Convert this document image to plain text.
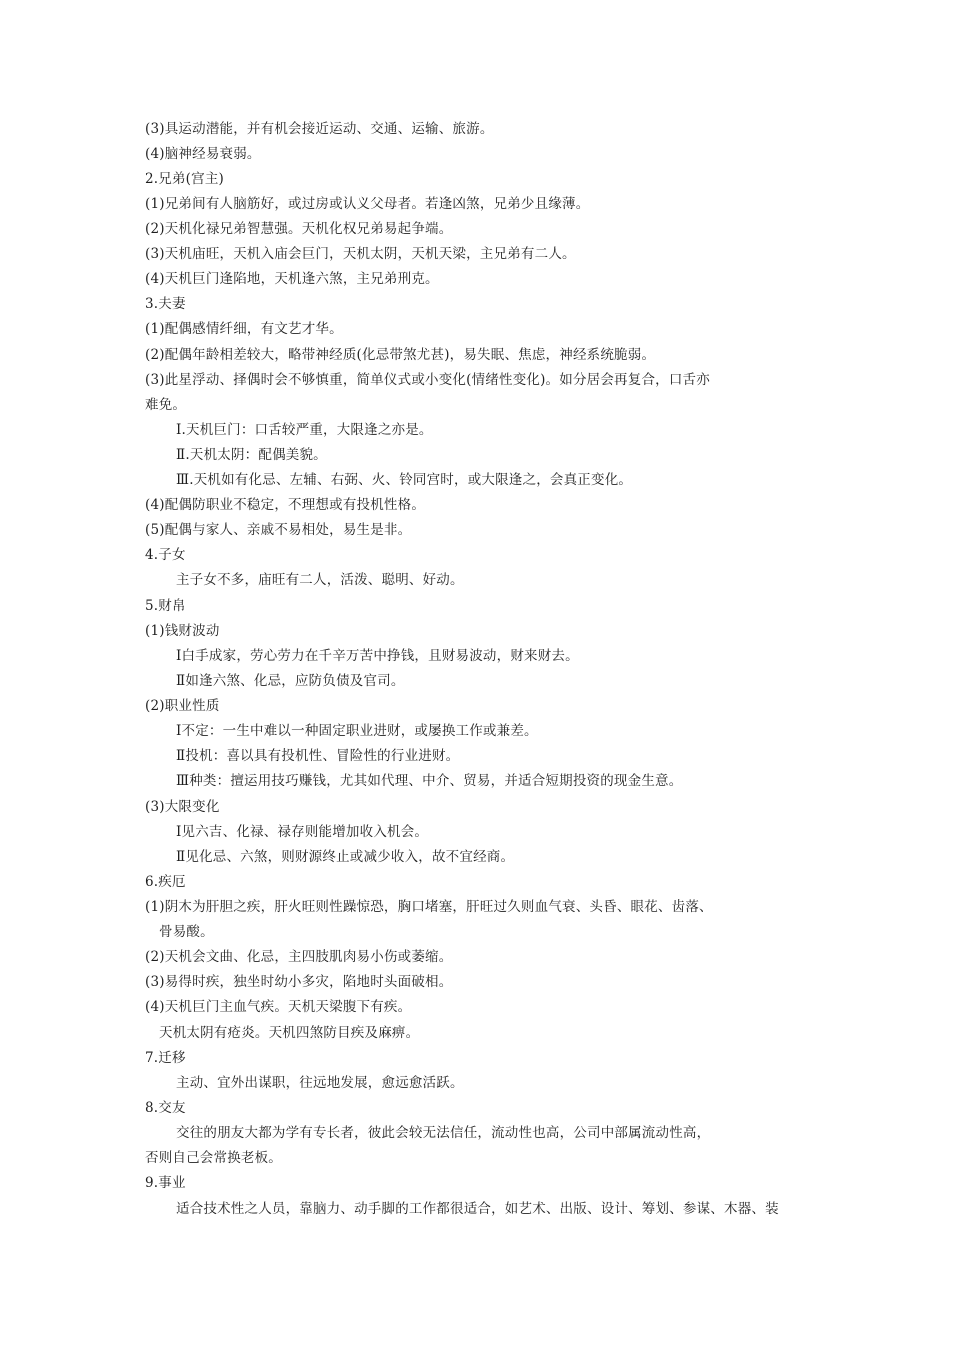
(3)具运动潜能，并有机会接近运动、交通、运输、旅游。
(4)脑神经易衰弱。
2.兄弟(宫主)
(1)兄弟间有人脑筋好，或过房或认义父母者。若逢凶煞，兄弟少且缘薄。
(2)天机化禄兄弟智慧强。天机化权兄弟易起争端。
(3)天机庙旺，天机入庙会巨门，天机太阴，天机天梁，主兄弟有二人。
(4)天机巨门逢陷地，天机逢六煞，主兄弟刑克。
3.夫妻
(1)配偶感情纤细，有文艺才华。
(2)配偶年龄相差较大，略带神经质(化忌带煞尤甚)，易失眠、焦虑，神经系统脆弱。
(3)此星浮动、择偶时会不够慎重，简单仪式或小变化(情绪性变化)。如分居会再复合，口舌亦
难免。
Ⅰ.天机巨门：口舌较严重，大限逢之亦是。
Ⅱ.天机太阴：配偶美貌。
Ⅲ.天机如有化忌、左辅、右弼、火、铃同宫时，或大限逢之，会真正变化。
(4)配偶防职业不稳定，不理想或有投机性格。
(5)配偶与家人、亲戚不易相处，易生是非。
4.子女
主子女不多，庙旺有二人，活泼、聪明、好动。
5.财帛
(1)钱财波动
Ⅰ白手成家，劳心劳力在千辛万苦中挣钱，且财易波动，财来财去。
Ⅱ如逢六煞、化忌，应防负债及官司。
(2)职业性质
Ⅰ不定：一生中难以一种固定职业进财，或屡换工作或兼差。
Ⅱ投机：喜以具有投机性、冒险性的行业进财。
Ⅲ种类：擅运用技巧赚钱，尤其如代理、中介、贸易，并适合短期投资的现金生意。
(3)大限变化
Ⅰ见六吉、化禄、禄存则能增加收入机会。
Ⅱ见化忌、六煞，则财源终止或减少收入，故不宜经商。
6.疾厄
(1)阴木为肝胆之疾，肝火旺则性躁惊恐，胸口堵塞，肝旺过久则血气衰、头昏、眼花、齿落、
骨易酸。
(2)天机会文曲、化忌，主四肢肌肉易小伤或萎缩。
(3)易得时疾，独坐时幼小多灾，陷地时头面破相。
(4)天机巨门主血气疾。天机天梁腹下有疾。
天机太阴有疮炎。天机四煞防目疾及麻痹。
7.迁移
主动、宜外出谋职，往远地发展，愈远愈活跃。
8.交友
交往的朋友大都为学有专长者，彼此会较无法信任，流动性也高，公司中部属流动性高，
否则自己会常换老板。
9.事业
适合技术性之人员，靠脑力、动手脚的工作都很适合，如艺术、出版、设计、筹划、参谋、木器、装
